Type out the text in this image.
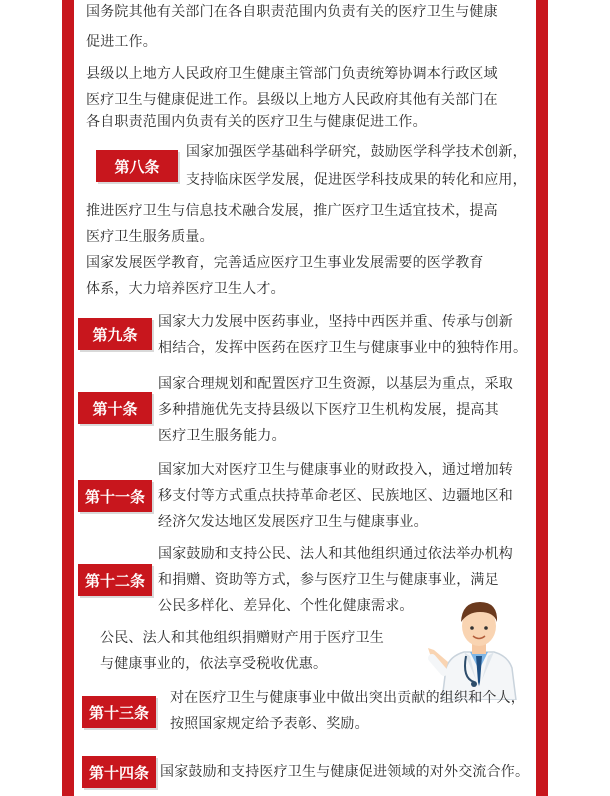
国务院其他有关部门在各自职责范围内负责有关的医疗卫生与健康
促进工作。
县级以上地方人民政府卫生健康主管部门负责统筹协调本行政区域
医疗卫生与健康促进工作。县级以上地方人民政府其他有关部门在
各自职责范围内负责有关的医疗卫生与健康促进工作。
第八条
国家加强医学基础科学研究，鼓励医学科学技术创新，
支持临床医学发展，促进医学科技成果的转化和应用，
推进医疗卫生与信息技术融合发展，推广医疗卫生适宜技术，提高
医疗卫生服务质量。
国家发展医学教育，完善适应医疗卫生事业发展需要的医学教育
体系，大力培养医疗卫生人才。
第九条
国家大力发展中医药事业，坚持中西医并重、传承与创新
相结合，发挥中医药在医疗卫生与健康事业中的独特作用。
第十条
国家合理规划和配置医疗卫生资源，以基层为重点，采取
多种措施优先支持县级以下医疗卫生机构发展，提高其
医疗卫生服务能力。
第十一条
国家加大对医疗卫生与健康事业的财政投入，通过增加转
移支付等方式重点扶持革命老区、民族地区、边疆地区和
经济欠发达地区发展医疗卫生与健康事业。
第十二条
国家鼓励和支持公民、法人和其他组织通过依法举办机构
和捐赠、资助等方式，参与医疗卫生与健康事业，满足
公民多样化、差异化、个性化健康需求。
公民、法人和其他组织捐赠财产用于医疗卫生
与健康事业的，依法享受税收优惠。
第十三条
对在医疗卫生与健康事业中做出突出贡献的组织和个人，
按照国家规定给予表彰、奖励。
第十四条 国家鼓励和支持医疗卫生与健康促进领域的对外交流合作。
